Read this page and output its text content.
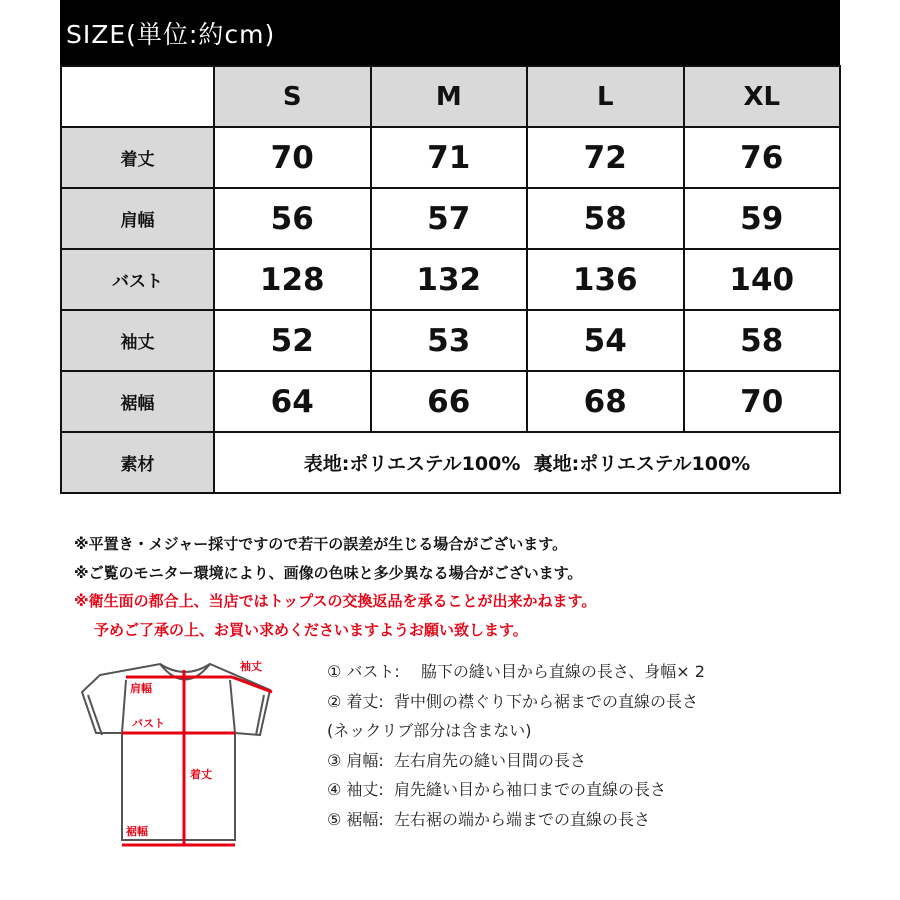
SIZE(単位:約cm)
	S	M	L	XL
着丈	70	71	72	76
肩幅	56	57	58	59
バスト	128	132	136	140
袖丈	52	53	54	58
裾幅	64	66	68	70
素材	表地:ポリエステル100%  裏地:ポリエステル100%			
※平置き・メジャー採寸ですので若干の誤差が生じる場合がございます。
※ご覧のモニター環境により、画像の色味と多少異なる場合がございます。
※衛生面の都合上、当店ではトップスの交換返品を承ることが出来かねます。
予めご了承の上、お買い求めくださいますようお願い致します。
袖丈
肩幅
バスト
着丈
裾幅
① バスト:　 脇下の縫い目から直線の長さ、身幅× 2
② 着丈:  背中側の襟ぐり下から裾までの直線の長さ
(ネックリブ部分は含まない)
③ 肩幅:  左右肩先の縫い目間の長さ
④ 袖丈:  肩先縫い目から袖口までの直線の長さ
⑤ 裾幅:  左右裾の端から端までの直線の長さ
